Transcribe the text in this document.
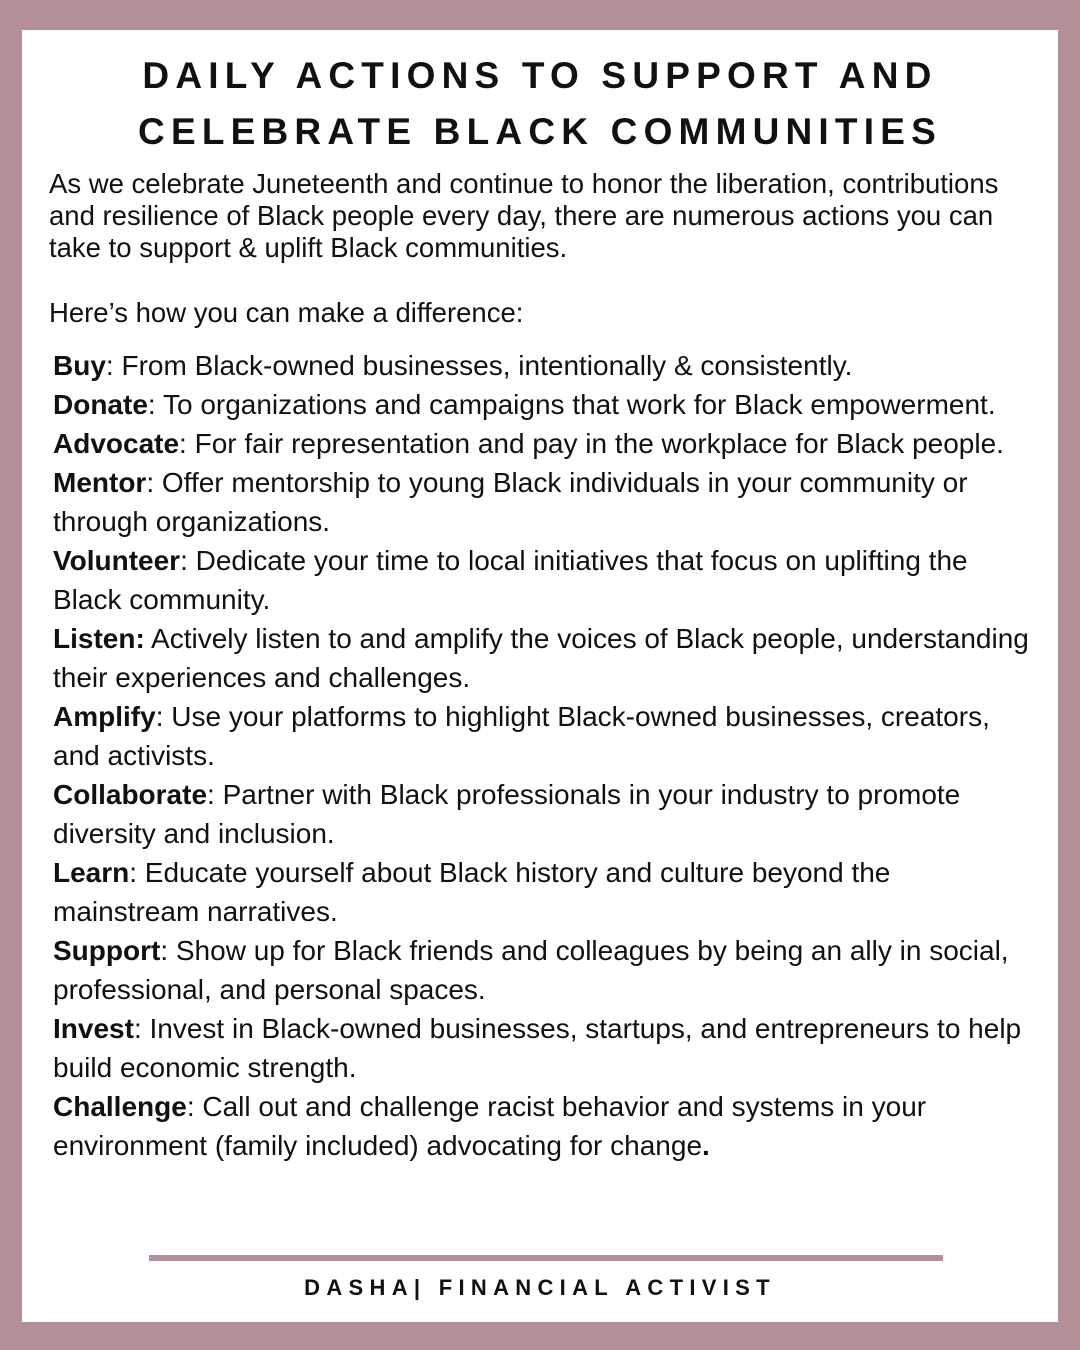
DAILY ACTIONS TO SUPPORT AND
CELEBRATE BLACK COMMUNITIES

As we celebrate Juneteenth and continue to honor the liberation, contributions and resilience of Black people every day, there are numerous actions you can take to support & uplift Black communities.

Here’s how you can make a difference:

Buy: From Black-owned businesses, intentionally & consistently.
Donate: To organizations and campaigns that work for Black empowerment.
Advocate: For fair representation and pay in the workplace for Black people.
Mentor: Offer mentorship to young Black individuals in your community or through organizations.
Volunteer: Dedicate your time to local initiatives that focus on uplifting the Black community.
Listen: Actively listen to and amplify the voices of Black people, understanding their experiences and challenges.
Amplify: Use your platforms to highlight Black-owned businesses, creators, and activists.
Collaborate: Partner with Black professionals in your industry to promote diversity and inclusion.
Learn: Educate yourself about Black history and culture beyond the mainstream narratives.
Support: Show up for Black friends and colleagues by being an ally in social, professional, and personal spaces.
Invest: Invest in Black-owned businesses, startups, and entrepreneurs to help build economic strength.
Challenge: Call out and challenge racist behavior and systems in your environment (family included) advocating for change.
DASHA| FINANCIAL ACTIVIST
